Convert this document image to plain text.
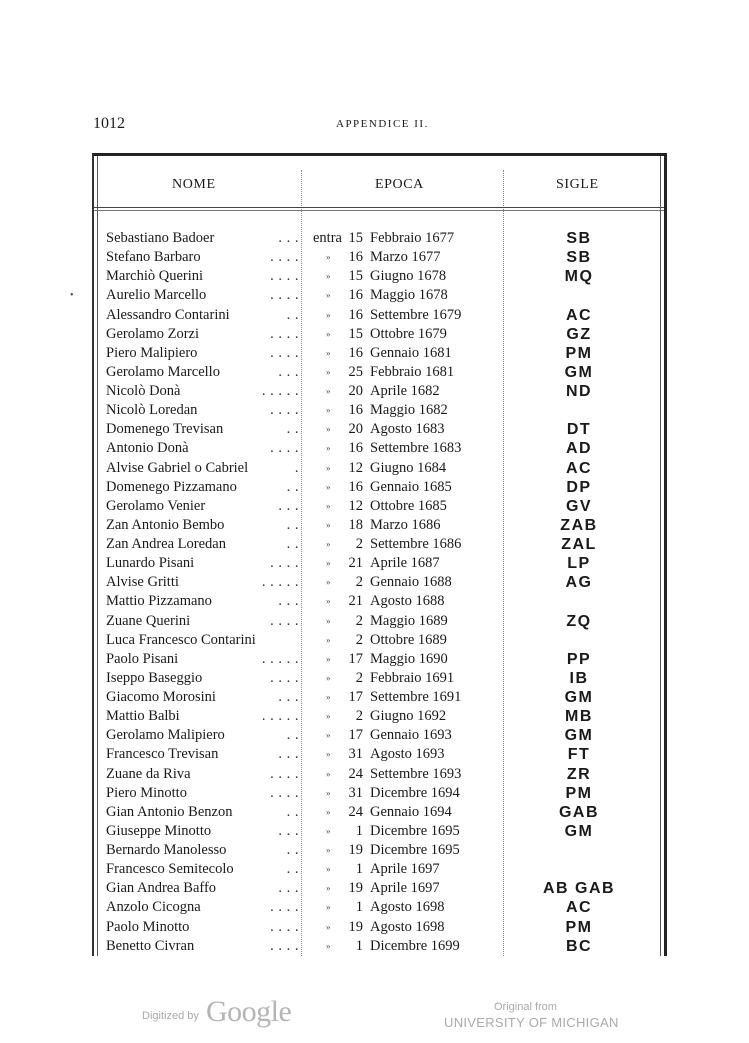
1012	APPENDICE II.
•
NOME	EPOCA	SIGLE
Sebastiano Badoer	. . . entra 15 Febbraio 1677	SB
Stefano Barbaro	. . . .	»	16 Marzo 1677	SB
Marchiò Querini	. . . .	»	15 Giugno 1678	MQ
Aurelio Marcello	. . . .	»	16 Maggio 1678
Alessandro Contarini	. .	»	16 Settembre 1679	AC
Gerolamo Zorzi	. . . .	»	15 Ottobre 1679	GZ
Piero Malipiero	. . . .	»	16 Gennaio 1681	PM
Gerolamo Marcello	. . .	»	25 Febbraio 1681	GM
Nicolò Donà	. . . . .	»	20 Aprile 1682	ND
Nicolò Loredan	. . . .	»	16 Maggio 1682
Domenego Trevisan	. .	»	20 Agosto 1683	DT
Antonio Donà	. . . .	»	16 Settembre 1683	AD
Alvise Gabriel o Cabriel	.	»	12 Giugno 1684	AC
Domenego Pizzamano	. .	»	16 Gennaio 1685	DP
Gerolamo Venier	. . .	»	12 Ottobre 1685	GV
Zan Antonio Bembo	. .	»	18 Marzo 1686	ZAB
Zan Andrea Loredan	. .	»	2 Settembre 1686	ZAL
Lunardo Pisani	. . . .	»	21 Aprile 1687	LP
Alvise Gritti	. . . . .	»	2 Gennaio 1688	AG
Mattio Pizzamano	. . .	»	21 Agosto 1688
Zuane Querini	. . . .	»	2 Maggio 1689	ZQ
Luca Francesco Contarini	»	2 Ottobre 1689
Paolo Pisani	. . . . .	»	17 Maggio 1690	PP
Iseppo Baseggio	. . . .	»	2 Febbraio 1691	IB
Giacomo Morosini	. . .	»	17 Settembre 1691	GM
Mattio Balbi	. . . . .	»	2 Giugno 1692	MB
Gerolamo Malipiero	. .	»	17 Gennaio 1693	GM
Francesco Trevisan	. . .	»	31 Agosto 1693	FT
Zuane da Riva	. . . .	»	24 Settembre 1693	ZR
Piero Minotto	. . . .	»	31 Dicembre 1694	PM
Gian Antonio Benzon	. .	»	24 Gennaio 1694	GAB
Giuseppe Minotto	. . .	»	1 Dicembre 1695	GM
Bernardo Manolesso	. .	»	19 Dicembre 1695
Francesco Semitecolo	. .	»	1 Aprile 1697
Gian Andrea Baffo	. . .	»	19 Aprile 1697	AB GAB
Anzolo Cicogna	. . . .	»	1 Agosto 1698	AC
Paolo Minotto	. . . .	»	19 Agosto 1698	PM
Benetto Civran	. . . .	»	1 Dicembre 1699	BC
Digitized by Google	Original from
UNIVERSITY OF MICHIGAN
